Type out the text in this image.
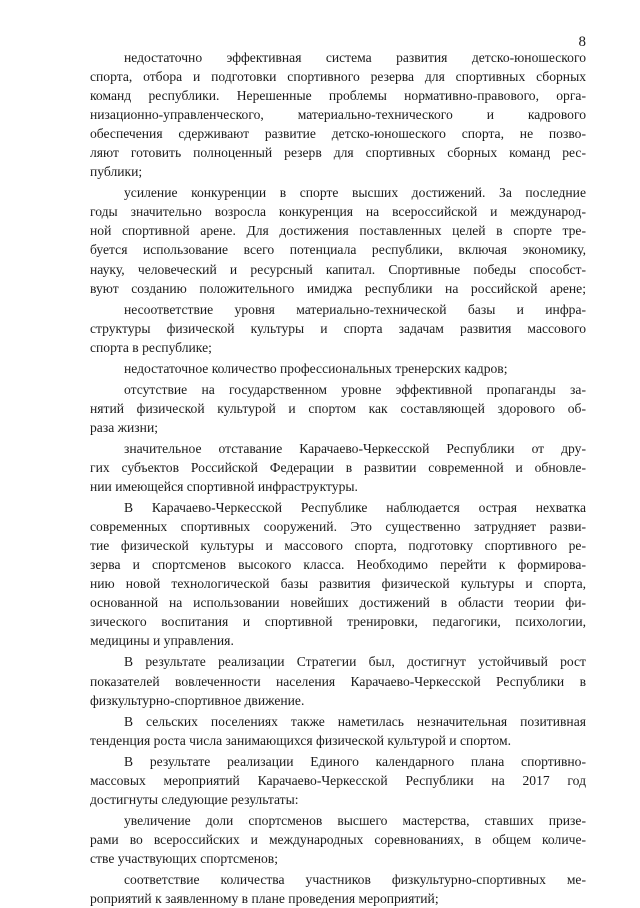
8
недостаточно эффективная система развития детско-юношеского
спорта, отбора и подготовки спортивного резерва для спортивных сборных
команд республики. Нерешенные проблемы нормативно-правового, орга-
низационно-управленческого, материально-технического и кадрового
обеспечения сдерживают развитие детско-юношеского спорта, не позво-
ляют готовить полноценный резерв для спортивных сборных команд рес-
публики;
усиление конкуренции в спорте высших достижений. За последние
годы значительно возросла конкуренция на всероссийской и международ-
ной спортивной арене. Для достижения поставленных целей в спорте тре-
буется использование всего потенциала республики, включая экономику,
науку, человеческий и ресурсный капитал. Спортивные победы способст-
вуют созданию положительного имиджа республики на российской арене;
несоответствие уровня материально-технической базы и инфра-
структуры физической культуры и спорта задачам развития массового
спорта в республике;
недостаточное количество профессиональных тренерских кадров;
отсутствие на государственном уровне эффективной пропаганды за-
нятий физической культурой и спортом как составляющей здорового об-
раза жизни;
значительное отставание Карачаево-Черкесской Республики от дру-
гих субъектов Российской Федерации в развитии современной и обновле-
нии имеющейся спортивной инфраструктуры.
В Карачаево-Черкесской Республике наблюдается острая нехватка
современных спортивных сооружений. Это существенно затрудняет разви-
тие физической культуры и массового спорта, подготовку спортивного ре-
зерва и спортсменов высокого класса. Необходимо перейти к формирова-
нию новой технологической базы развития физической культуры и спорта,
основанной на использовании новейших достижений в области теории фи-
зического воспитания и спортивной тренировки, педагогики, психологии,
медицины и управления.
В результате реализации Стратегии был, достигнут устойчивый рост
показателей вовлеченности населения Карачаево-Черкесской Республики в
физкультурно-спортивное движение.
В сельских поселениях также наметилась незначительная позитивная
тенденция роста числа занимающихся физической культурой и спортом.
В результате реализации Единого календарного плана спортивно-
массовых мероприятий Карачаево-Черкесской Республики на 2017 год
достигнуты следующие результаты:
увеличение доли спортсменов высшего мастерства, ставших призе-
рами во всероссийских и международных соревнованиях, в общем количе-
стве участвующих спортсменов;
соответствие количества участников физкультурно-спортивных ме-
роприятий к заявленному в плане проведения мероприятий;
